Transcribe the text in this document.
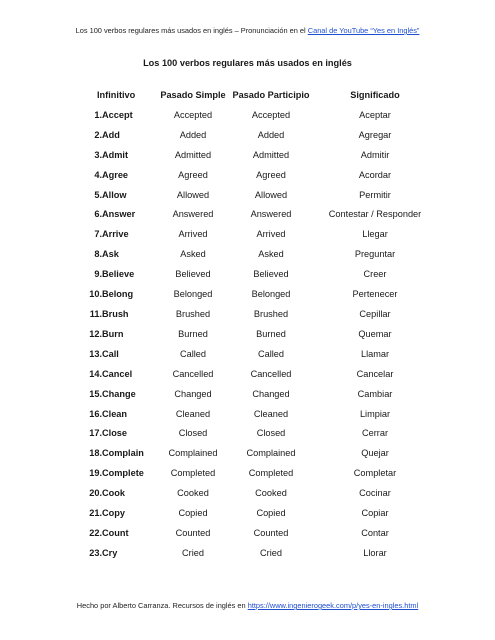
Los 100 verbos regulares más usados en inglés – Pronunciación en el Canal de YouTube “Yes en Inglés”
Los 100 verbos regulares más usados en inglés
Infinitivo		Pasado Simple	Pasado Participio	Significado
1.	Accept	Accepted	Accepted	Aceptar
2.	Add	Added	Added	Agregar
3.	Admit	Admitted	Admitted	Admitir
4.	Agree	Agreed	Agreed	Acordar
5.	Allow	Allowed	Allowed	Permitir
6.	Answer	Answered	Answered	Contestar / Responder
7.	Arrive	Arrived	Arrived	Llegar
8.	Ask	Asked	Asked	Preguntar
9.	Believe	Believed	Believed	Creer
10.	Belong	Belonged	Belonged	Pertenecer
11.	Brush	Brushed	Brushed	Cepillar
12.	Burn	Burned	Burned	Quemar
13.	Call	Called	Called	Llamar
14.	Cancel	Cancelled	Cancelled	Cancelar
15.	Change	Changed	Changed	Cambiar
16.	Clean	Cleaned	Cleaned	Limpiar
17.	Close	Closed	Closed	Cerrar
18.	Complain	Complained	Complained	Quejar
19.	Complete	Completed	Completed	Completar
20.	Cook	Cooked	Cooked	Cocinar
21.	Copy	Copied	Copied	Copiar
22.	Count	Counted	Counted	Contar
23.	Cry	Cried	Cried	Llorar
Hecho por Alberto Carranza. Recursos de inglés en https://www.ingenierogeek.com/p/yes-en-ingles.html
